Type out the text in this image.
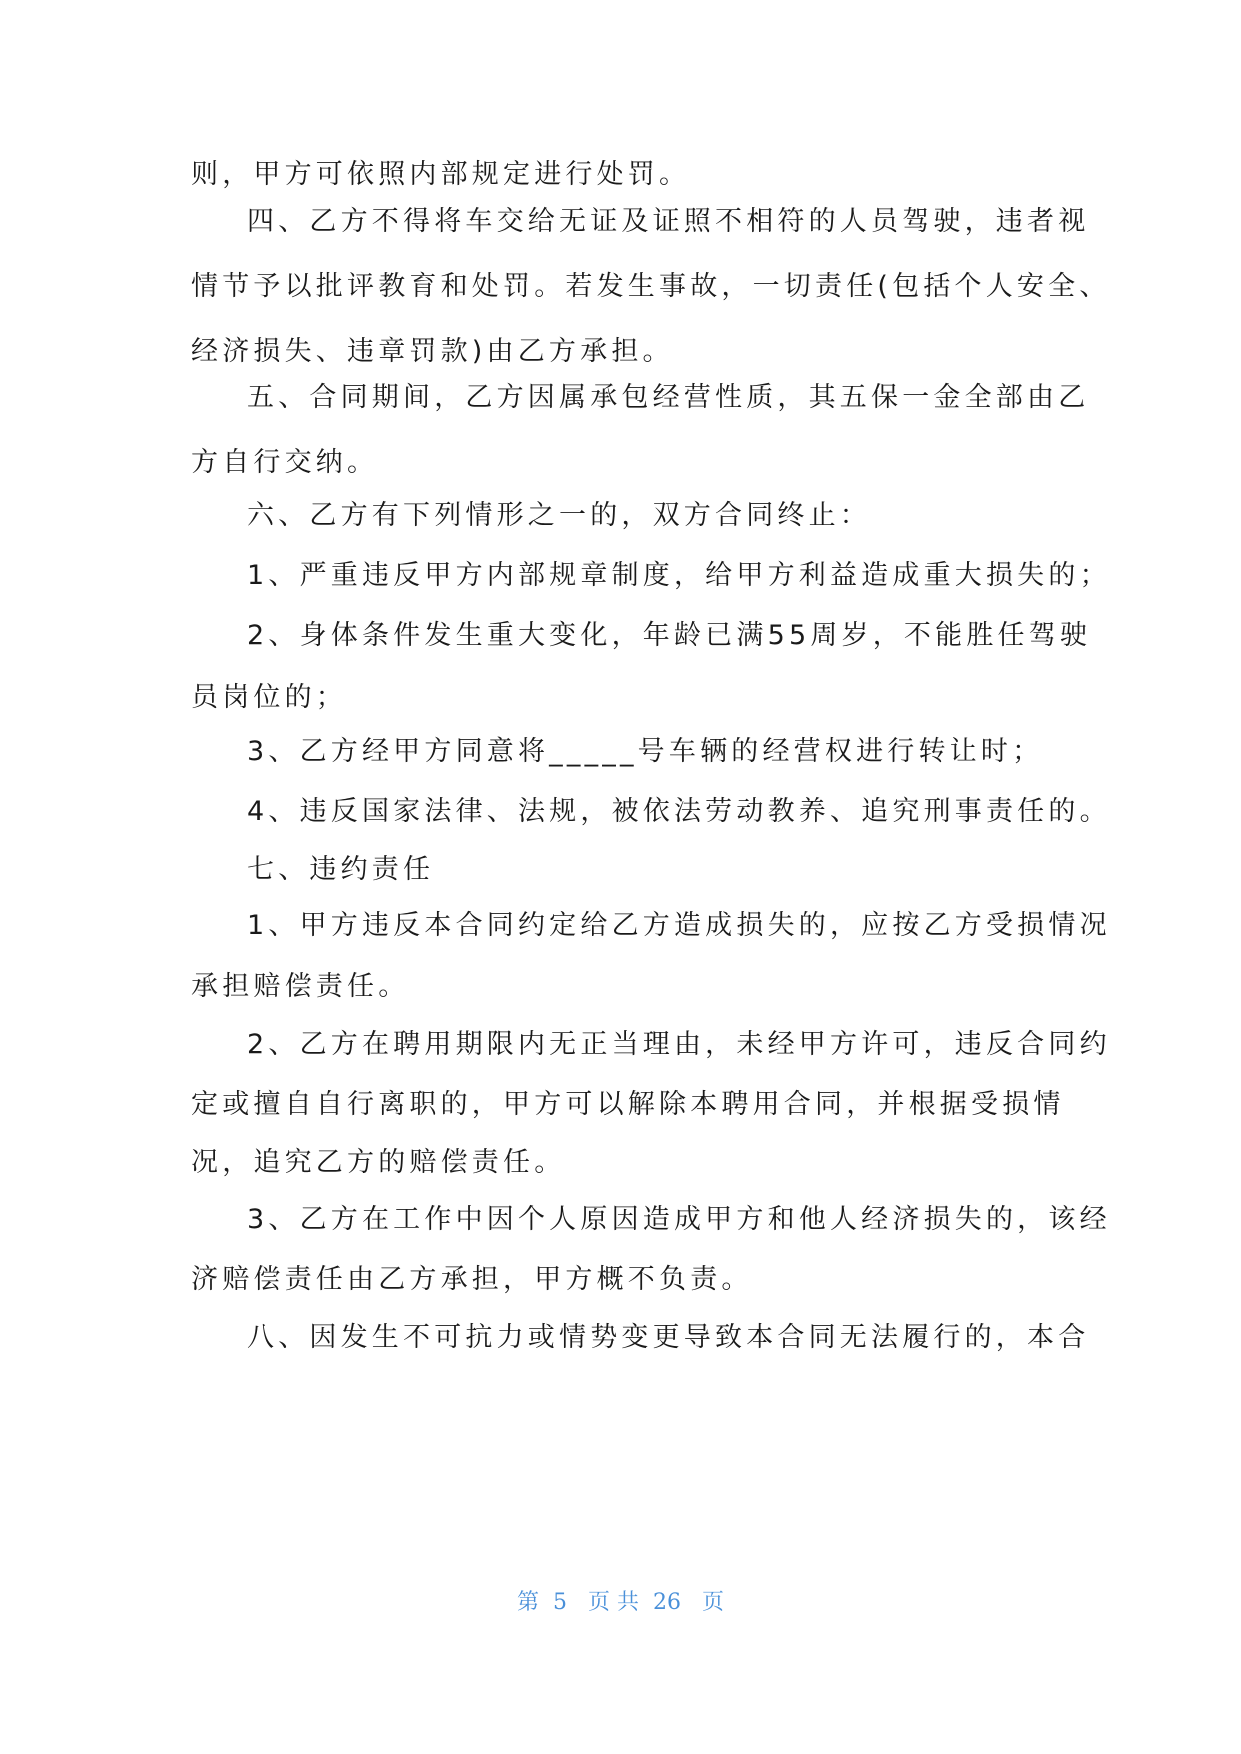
则，甲方可依照内部规定进行处罚。
四、乙方不得将车交给无证及证照不相符的人员驾驶，违者视
情节予以批评教育和处罚。若发生事故，一切责任(包括个人安全、
经济损失、违章罚款)由乙方承担。
五、合同期间，乙方因属承包经营性质，其五保一金全部由乙
方自行交纳。
六、乙方有下列情形之一的，双方合同终止：
1、严重违反甲方内部规章制度，给甲方利益造成重大损失的；
2、身体条件发生重大变化，年龄已满55周岁，不能胜任驾驶
员岗位的；
3、乙方经甲方同意将_____号车辆的经营权进行转让时；
4、违反国家法律、法规，被依法劳动教养、追究刑事责任的。
七、违约责任
1、甲方违反本合同约定给乙方造成损失的，应按乙方受损情况
承担赔偿责任。
2、乙方在聘用期限内无正当理由，未经甲方许可，违反合同约
定或擅自自行离职的，甲方可以解除本聘用合同，并根据受损情
况，追究乙方的赔偿责任。
3、乙方在工作中因个人原因造成甲方和他人经济损失的，该经
济赔偿责任由乙方承担，甲方概不负责。
八、因发生不可抗力或情势变更导致本合同无法履行的，本合
第  5   页 共  26   页
